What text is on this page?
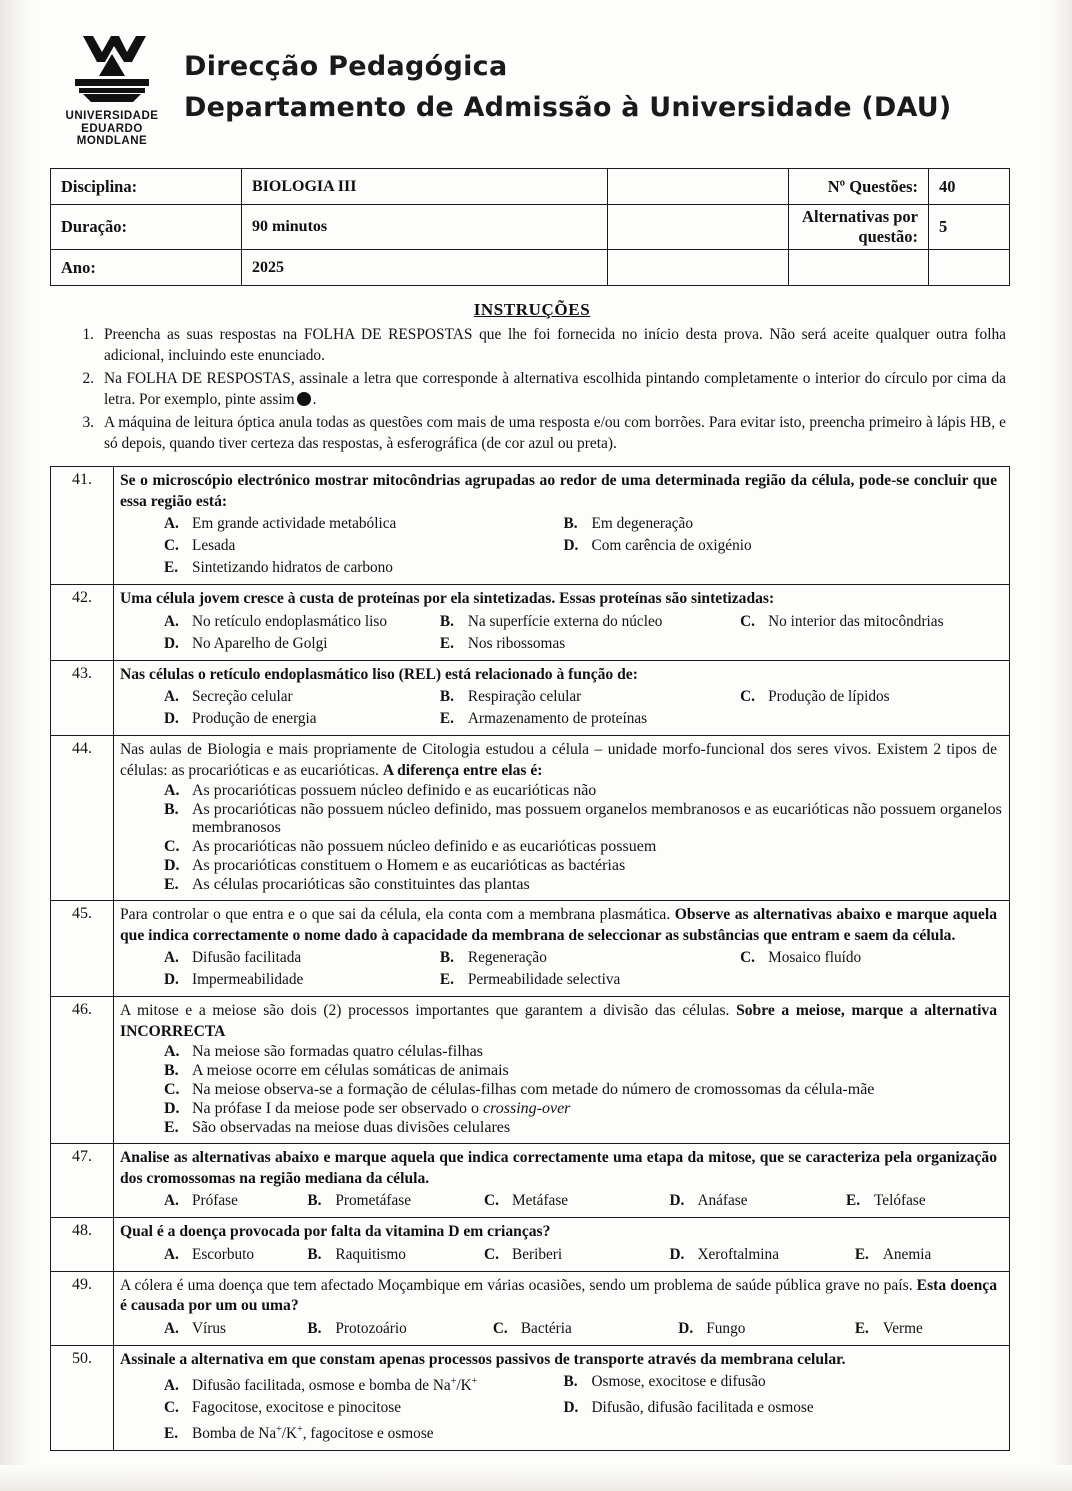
UNIVERSIDADE
EDUARDO
MONDLANE
Direcção Pedagógica
Departamento de Admissão à Universidade (DAU)
Disciplina:	BIOLOGIA III		Nº Questões:	40
Duração:	90 minutos		Alternativas por questão:	5
Ano:	2025			
INSTRUÇÕES
Preencha as suas respostas na FOLHA DE RESPOSTAS que lhe foi fornecida no início desta prova. Não será aceite qualquer outra folha adicional, incluindo este enunciado.
Na FOLHA DE RESPOSTAS, assinale a letra que corresponde à alternativa escolhida pintando completamente o interior do círculo por cima da letra. Por exemplo, pinte assim .
A máquina de leitura óptica anula todas as questões com mais de uma resposta e/ou com borrões. Para evitar isto, preencha primeiro à lápis HB, e só depois, quando tiver certeza das respostas, à esferográfica (de cor azul ou preta).
41.	Se o microscópio electrónico mostrar mitocôndrias agrupadas ao redor de uma determinada região da célula, pode-se concluir que essa região está:
A. Em grande actividade metabólica	B. Em degeneração
C. Lesada	D. Com carência de oxigénio
E. Sintetizando hidratos de carbono

42.	Uma célula jovem cresce à custa de proteínas por ela sintetizadas. Essas proteínas são sintetizadas:
A. No retículo endoplasmático liso	B. Na superfície externa do núcleo	C. No interior das mitocôndrias
D. No Aparelho de Golgi	E. Nos ribossomas

43.	Nas células o retículo endoplasmático liso (REL) está relacionado à função de:
A. Secreção celular	B. Respiração celular	C. Produção de lípidos
D. Produção de energia	E. Armazenamento de proteínas

44.	Nas aulas de Biologia e mais propriamente de Citologia estudou a célula – unidade morfo-funcional dos seres vivos. Existem 2 tipos de células: as procarióticas e as eucarióticas. A diferença entre elas é:
A. As procarióticas possuem núcleo definido e as eucarióticas não
B. As procarióticas não possuem núcleo definido, mas possuem organelos membranosos e as eucarióticas não possuem organelos membranosos
C. As procarióticas não possuem núcleo definido e as eucarióticas possuem
D. As procarióticas constituem o Homem e as eucarióticas as bactérias
E. As células procarióticas são constituintes das plantas

45.	Para controlar o que entra e o que sai da célula, ela conta com a membrana plasmática. Observe as alternativas abaixo e marque aquela que indica correctamente o nome dado à capacidade da membrana de seleccionar as substâncias que entram e saem da célula.
A. Difusão facilitada	B. Regeneração	C. Mosaico fluído
D. Impermeabilidade	E. Permeabilidade selectiva

46.	A mitose e a meiose são dois (2) processos importantes que garantem a divisão das células. Sobre a meiose, marque a alternativa INCORRECTA
A. Na meiose são formadas quatro células-filhas
B. A meiose ocorre em células somáticas de animais
C. Na meiose observa-se a formação de células-filhas com metade do número de cromossomas da célula-mãe
D. Na prófase I da meiose pode ser observado o crossing-over
E. São observadas na meiose duas divisões celulares

47.	Analise as alternativas abaixo e marque aquela que indica correctamente uma etapa da mitose, que se caracteriza pela organização dos cromossomas na região mediana da célula.
A. Prófase	B. Prometáfase	C. Metáfase	D. Anáfase	E. Telófase

48.	Qual é a doença provocada por falta da vitamina D em crianças?
A. Escorbuto	B. Raquitismo	C. Beriberi	D. Xeroftalmina	E. Anemia

49.	A cólera é uma doença que tem afectado Moçambique em várias ocasiões, sendo um problema de saúde pública grave no país. Esta doença é causada por um ou uma?
A. Vírus	B. Protozoário	C. Bactéria	D. Fungo	E. Verme

50.	Assinale a alternativa em que constam apenas processos passivos de transporte através da membrana celular.
A. Difusão facilitada, osmose e bomba de Na+/K+	B. Osmose, exocitose e difusão
C. Fagocitose, exocitose e pinocitose	D. Difusão, difusão facilitada e osmose
E. Bomba de Na+/K+, fagocitose e osmose
